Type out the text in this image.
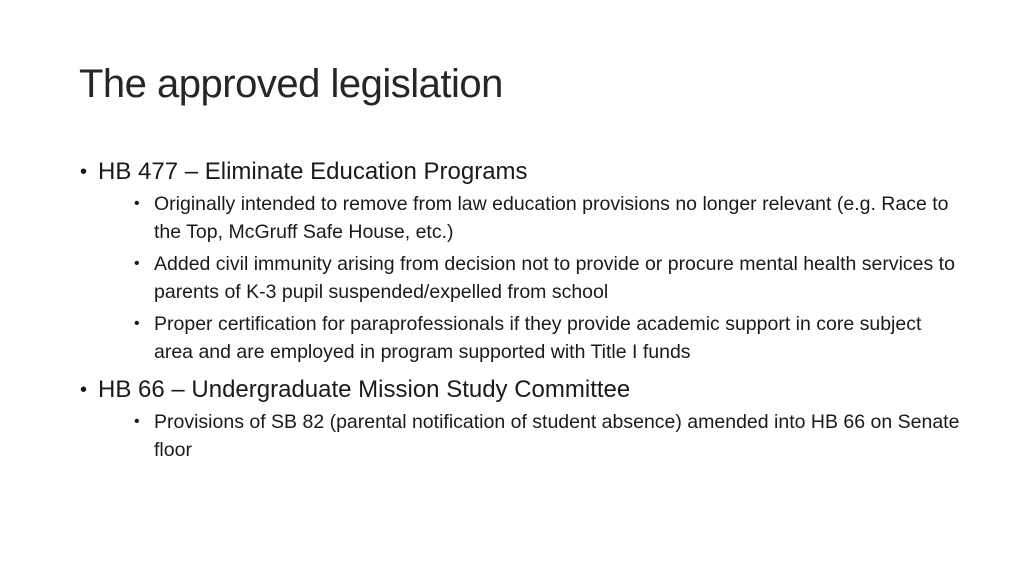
The approved legislation
• HB 477 – Eliminate Education Programs
• Originally intended to remove from law education provisions no longer relevant (e.g. Race to the Top, McGruff Safe House, etc.)
• Added civil immunity arising from decision not to provide or procure mental health services to parents of K-3 pupil suspended/expelled from school
• Proper certification for paraprofessionals if they provide academic support in core subject area and are employed in program supported with Title I funds
• HB 66 – Undergraduate Mission Study Committee
• Provisions of SB 82 (parental notification of student absence) amended into HB 66 on Senate floor
